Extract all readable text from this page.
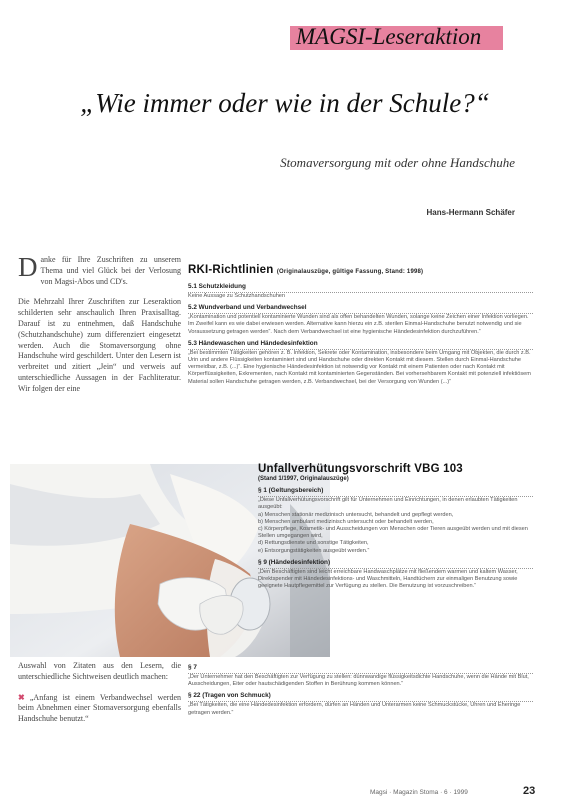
MAGSI-Leseraktion
„Wie immer oder wie in der Schule?“
Stomaversorgung mit oder ohne Handschuhe
Hans-Hermann Schäfer

Danke für Ihre Zuschriften zu unserem Thema und viel Glück bei der Verlosung von Magsi-Abos und CD's.

Die Mehrzahl Ihrer Zuschriften zur Leseraktion schilderten sehr anschaulich Ihren Praxisalltag. Darauf ist zu entnehmen, daß Handschuhe (Schutzhandschuhe) zum differenziert eingesetzt werden. Auch die Stomaversorgung ohne Handschuhe wird geschildert. Unter den Lesern ist verbreitet und zitiert „Jein“ und verweis auf unterschiedliche Aussagen in der Fachliteratur. Wir folgen der eine

Auswahl von Zitaten aus den Lesern, die unterschiedliche Sichtweisen deutlich machen:

✖ „Anfang ist einem Verbandwechsel werden beim Abnehmen einer Stomaversorgung ebenfalls Handschuhe benutzt.“

RKI-Richtlinien (Originalauszüge, gültige Fassung, Stand: 1998)
5.1 Schutzkleidung

Keine Aussage zu Schutzhandschuhen

5.2 Wundverband und Verbandwechsel

„Kontamination und potentiell kontaminierte Wunden sind als offen behandelten Wunden, solange keine Zeichen einer Infektion vorliegen. Im Zweifel kann es wie dabei erwiesen werden. Alternative kann hierzu ein z.B. sterilen Einmal-Handschuhe benutzt notwendig und sie Voraussetzung getragen werden“. Nach dem Verbandwechsel ist eine hygienische Händedesinfektion durchzuführen.“

5.3 Händewaschen und Händedesinfektion

„Bei bestimmten Tätigkeiten gehören z. B. Infektion, Sekrete oder Kontamination, insbesondere beim Umgang mit Objekten, die durch z.B. Urin und andere Flüssigkeiten kontaminiert sind und Handschuhe oder direkten Kontakt mit diesem. Stellen durch Einmal-Handschuhe vermeidbar, z.B. (...)“. Eine hygienische Händedesinfektion ist notwendig vor Kontakt mit einem Patienten oder nach Kontakt mit Körperflüssigkeiten, Exkrementen, nach Kontakt mit kontaminierten Gegenständen. Bei vorhersehbarem Kontakt mit potenziell infektiösem Material sollen Handschuhe getragen werden, z.B. Verbandwechsel, bei der Versorgung von Wunden (...)“

Unfallverhütungsvorschrift VBG 103
(Stand 1/1997, Originalauszüge)
§ 1 (Geltungsbereich)

„Diese Unfallverhütungsvorschrift gilt für Unternehmen und Einrichtungen, in denen erlaubten Tätigkeiten ausgeübt:

a) Menschen stationär medizinisch untersucht, behandelt und gepflegt werden,
b) Menschen ambulant medizinisch untersucht oder behandelt werden,
c) Körperpflege, Kosmetik- und Ausscheidungen von Menschen oder Tieren ausgeübt werden und mit diesen Stellen umgegangen wird,
d) Rettungsdienste und sonstige Tätigkeiten,
e) Entsorgungstätigkeiten ausgeübt werden.“
§ 9 (Händedesinfektion)

„Den Beschäftigten sind leicht erreichbare Handwaschplätze mit fließendem warmen und kaltem Wasser, Direktspender mit Händedesinfektions- und Waschmitteln, Handtüchern zur einmaligen Benutzung sowie geeignete Hautpflegemittel zur Verfügung zu stellen. Die Benutzung ist vorzuschreiben.“

§ 7

„Der Unternehmer hat den Beschäftigten zur Verfügung zu stellen: dünnwandige flüssigkeitsdichte Handschuhe, wenn die Hände mit Blut, Ausscheidungen, Eiter oder hautschädigenden Stoffen in Berührung kommen können.“

§ 22 (Tragen von Schmuck)

„Bei Tätigkeiten, die eine Händedesinfektion erfordern, dürfen an Händen und Unterarmen keine Schmuckstücke, Uhren und Eheringe getragen werden.“

Magsi · Magazin Stoma · 6 · 1999	23
